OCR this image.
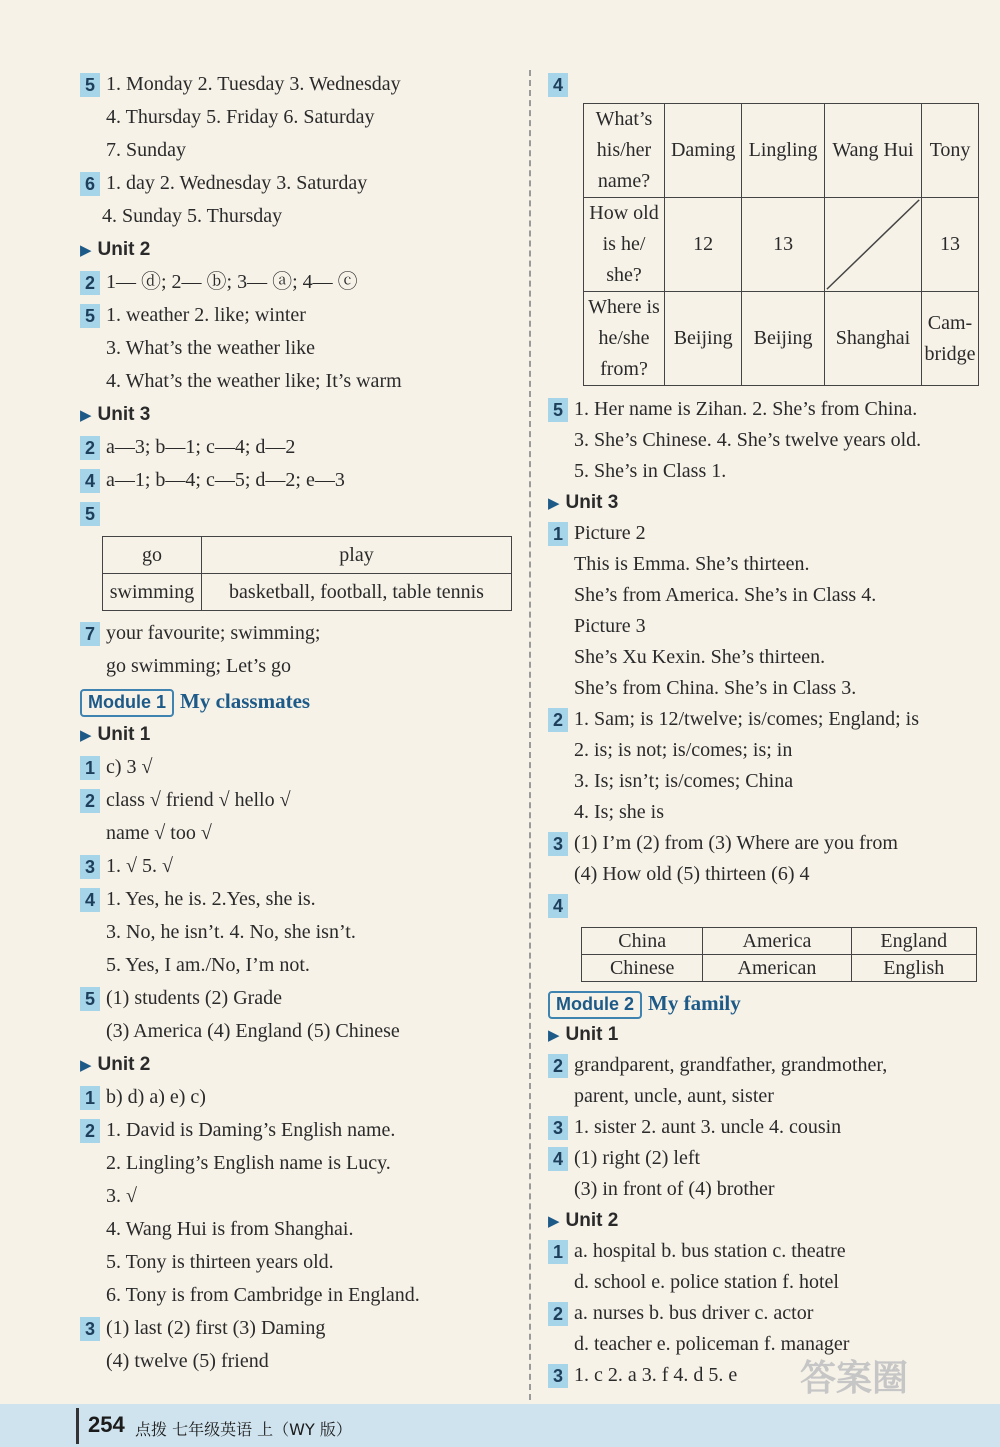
5 1. Monday 2. Tuesday 3. Wednesday
4. Thursday 5. Friday 6. Saturday
7. Sunday
6 1. day 2. Wednesday 3. Saturday
4. Sunday 5. Thursday
▶ Unit 2
2 1— ⓓ; 2— ⓑ; 3— ⓐ; 4— ⓒ
5 1. weather 2. like; winter
3. What’s the weather like
4. What’s the weather like; It’s warm
▶ Unit 3
2 a—3; b—1; c—4; d—2
4 a—1; b—4; c—5; d—2; e—3
5
go	play
swimming	basketball, football, table tennis
7 your favourite; swimming;
go swimming; Let’s go
Module 1 My classmates
▶ Unit 1
1 c) 3 √
2 class √ friend √ hello √
name √ too √
3 1. √ 5. √
4 1. Yes, he is. 2.Yes, she is.
3. No, he isn’t. 4. No, she isn’t.
5. Yes, I am./No, I’m not.
5 (1) students (2) Grade
(3) America (4) England (5) Chinese
▶ Unit 2
1 b) d) a) e) c)
2 1. David is Daming’s English name.
2. Lingling’s English name is Lucy.
3. √
4. Wang Hui is from Shanghai.
5. Tony is thirteen years old.
6. Tony is from Cambridge in England.
3 (1) last (2) first (3) Daming
(4) twelve (5) friend
4
What’s his/her name?	Daming	Lingling	Wang Hui	Tony
How old is he/ she?	12	13		13
Where is he/she from?	Beijing	Beijing	Shanghai	Cam- bridge
5 1. Her name is Zihan. 2. She’s from China.
3. She’s Chinese. 4. She’s twelve years old.
5. She’s in Class 1.
▶ Unit 3
1 Picture 2
This is Emma. She’s thirteen.
She’s from America. She’s in Class 4.
Picture 3
She’s Xu Kexin. She’s thirteen.
She’s from China. She’s in Class 3.
2 1. Sam; is 12/twelve; is/comes; England; is
2. is; is not; is/comes; is; in
3. Is; isn’t; is/comes; China
4. Is; she is
3 (1) I’m (2) from (3) Where are you from
(4) How old (5) thirteen (6) 4
4
China	America	England
Chinese	American	English
Module 2 My family
▶ Unit 1
2 grandparent, grandfather, grandmother,
parent, uncle, aunt, sister
3 1. sister 2. aunt 3. uncle 4. cousin
4 (1) right (2) left
(3) in front of (4) brother
▶ Unit 2
1 a. hospital b. bus station c. theatre
d. school e. police station f. hotel
2 a. nurses b. bus driver c. actor
d. teacher e. policeman f. manager
3 1. c 2. a 3. f 4. d 5. e	答案圈
254 点拨 七年级英语 上（WY 版）
